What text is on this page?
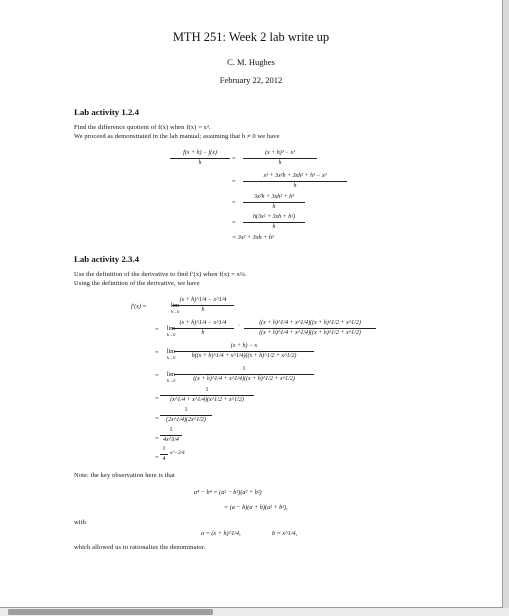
MTH 251: Week 2 lab write up
C. M. Hughes
February 22, 2012
Lab activity 1.2.4
Find the difference quotient of f(x) when f(x) = x³.
We proceed as demonstrated in the lab manual; assuming that h ≠ 0 we have
f(x + h) − f(x)
h
=
(x + h)³ − x³
h
=
x³ + 3x²h + 3xh² + h³ − x³
h
=
3x²h + 3xh² + h³
h
=
h(3x² + 3xh + h²)
h
= 3x² + 3xh + h²
Lab activity 2.3.4
Use the definition of the derivative to find f′(x) when f(x) = x¼.
Using the definition of the derivative, we have
f′(x) =	lim
h→0
(x + h)^1/4 − x^1/4
h
=	lim
h→0
(x + h)^1/4 − x^1/4
h
·	((x + h)^1/4 + x^1/4)((x + h)^1/2 + x^1/2)
((x + h)^1/4 + x^1/4)((x + h)^1/2 + x^1/2)
=	lim
h→0
(x + h) − x
h((x + h)^1/4 + x^1/4)((x + h)^1/2 + x^1/2)
=	lim
h→0
1
((x + h)^1/4 + x^1/4)((x + h)^1/2 + x^1/2)
=
1
(x^1/4 + x^1/4)(x^1/2 + x^1/2)
=
1
(2x^1/4)(2x^1/2)
=
1
4x^3/4
=
1
4
x^−3/4
Note: the key observation here is that
a⁴ − b⁴ = (a² − b²)(a² + b²)
= (a − b)(a + b)(a² + b²),
with
a = (x + h)^1/4,	b = x^1/4,
which allowed us to rationalize the denominator.
